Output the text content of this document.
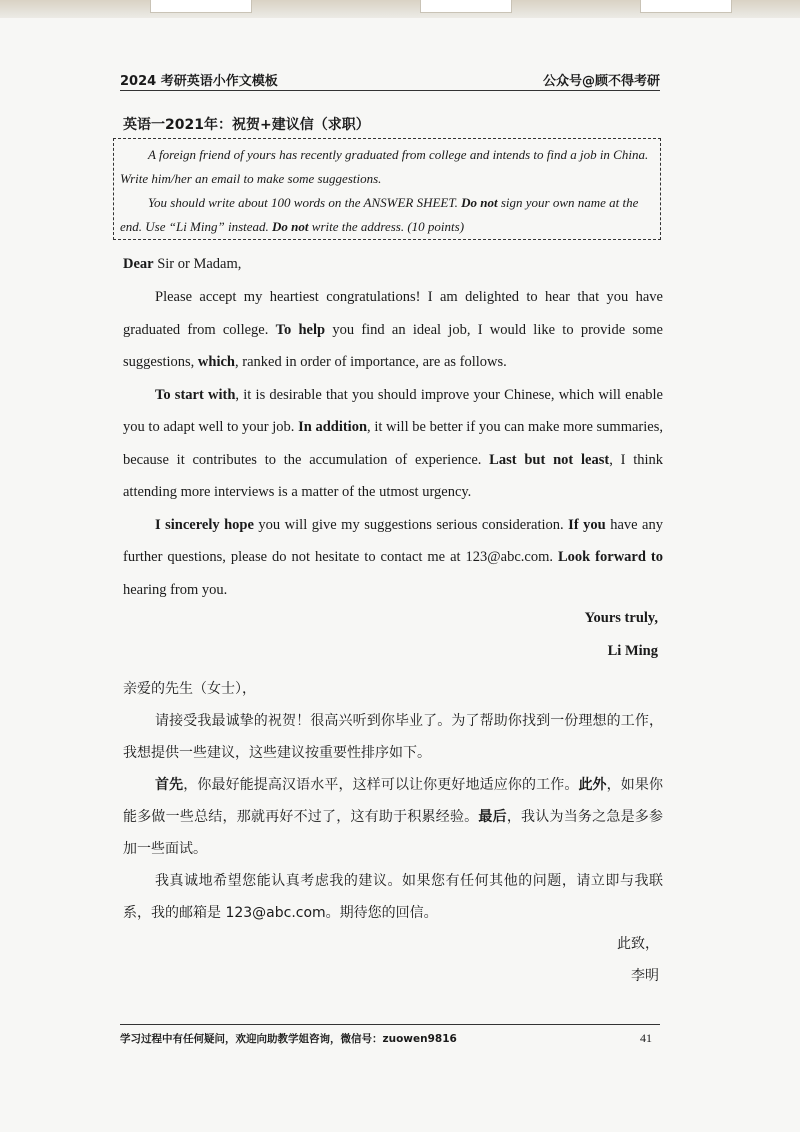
2024 考研英语小作文模板	公众号@顾不得考研
英语一2021年：祝贺+建议信（求职）

A foreign friend of yours has recently graduated from college and intends to find a job in China. Write him/her an email to make some suggestions.

You should write about 100 words on the ANSWER SHEET. Do not sign your own name at the end. Use “Li Ming” instead. Do not write the address. (10 points)

Dear Sir or Madam,

Please accept my heartiest congratulations! I am delighted to hear that you have graduated from college. To help you find an ideal job, I would like to provide some suggestions, which, ranked in order of importance, are as follows.

To start with, it is desirable that you should improve your Chinese, which will enable you to adapt well to your job. In addition, it will be better if you can make more summaries, because it contributes to the accumulation of experience. Last but not least, I think attending more interviews is a matter of the utmost urgency.

I sincerely hope you will give my suggestions serious consideration. If you have any further questions, please do not hesitate to contact me at 123@abc.com. Look forward to hearing from you.

Yours truly,
Li Ming

亲爱的先生（女士），

请接受我最诚挚的祝贺！很高兴听到你毕业了。为了帮助你找到一份理想的工作，我想提供一些建议，这些建议按重要性排序如下。

首先，你最好能提高汉语水平，这样可以让你更好地适应你的工作。此外，如果你能多做一些总结，那就再好不过了，这有助于积累经验。最后，我认为当务之急是多参加一些面试。

我真诚地希望您能认真考虑我的建议。如果您有任何其他的问题，请立即与我联系，我的邮箱是 123@abc.com。期待您的回信。

此致，
李明
学习过程中有任何疑问，欢迎向助教学姐咨询，微信号：zuowen9816	41
